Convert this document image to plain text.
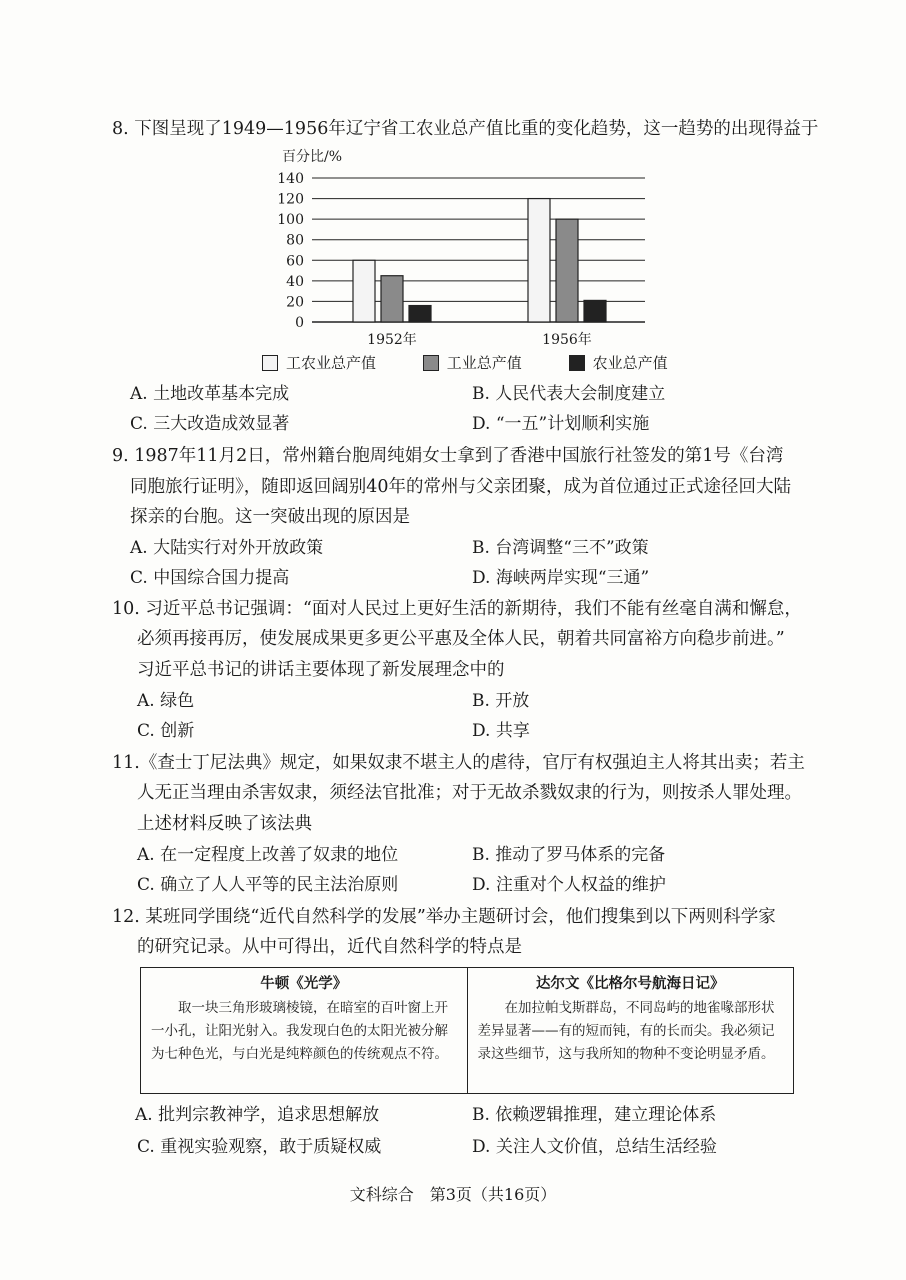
8. 下图呈现了1949—1956年辽宁省工农业总产值比重的变化趋势，这一趋势的出现得益于
百分比/%
0
20
40
60
80
100
120
140
1952年	1956年
工农业总产值
	工业总产值
	农业总产值
A. 土地改革基本完成	B. 人民代表大会制度建立
C. 三大改造成效显著	D. “一五”计划顺利实施
9. 1987年11月2日，常州籍台胞周纯娟女士拿到了香港中国旅行社签发的第1号《台湾
同胞旅行证明》，随即返回阔别40年的常州与父亲团聚，成为首位通过正式途径回大陆
探亲的台胞。这一突破出现的原因是
A. 大陆实行对外开放政策	B. 台湾调整“三不”政策
C. 中国综合国力提高	D. 海峡两岸实现“三通”
10. 习近平总书记强调：“面对人民过上更好生活的新期待，我们不能有丝毫自满和懈怠，
必须再接再厉，使发展成果更多更公平惠及全体人民，朝着共同富裕方向稳步前进。”
习近平总书记的讲话主要体现了新发展理念中的
A. 绿色	B. 开放
C. 创新	D. 共享
11.《查士丁尼法典》规定，如果奴隶不堪主人的虐待，官厅有权强迫主人将其出卖；若主
人无正当理由杀害奴隶，须经法官批准；对于无故杀戮奴隶的行为，则按杀人罪处理。
上述材料反映了该法典
A. 在一定程度上改善了奴隶的地位	B. 推动了罗马体系的完备
C. 确立了人人平等的民主法治原则	D. 注重对个人权益的维护
12. 某班同学围绕“近代自然科学的发展”举办主题研讨会，他们搜集到以下两则科学家
的研究记录。从中可得出，近代自然科学的特点是
牛顿《光学》
取一块三角形玻璃棱镜，在暗室的百叶窗上开一小孔，让阳光射入。我发现白色的太阳光被分解为七种色光，与白光是纯粹颜色的传统观点不符。
达尔文《比格尔号航海日记》
在加拉帕戈斯群岛，不同岛屿的地雀喙部形状差异显著——有的短而钝，有的长而尖。我必须记录这些细节，这与我所知的物种不变论明显矛盾。
A. 批判宗教神学，追求思想解放	B. 依赖逻辑推理，建立理论体系
C. 重视实验观察，敢于质疑权威	D. 关注人文价值，总结生活经验
文科综合　第3页（共16页）
